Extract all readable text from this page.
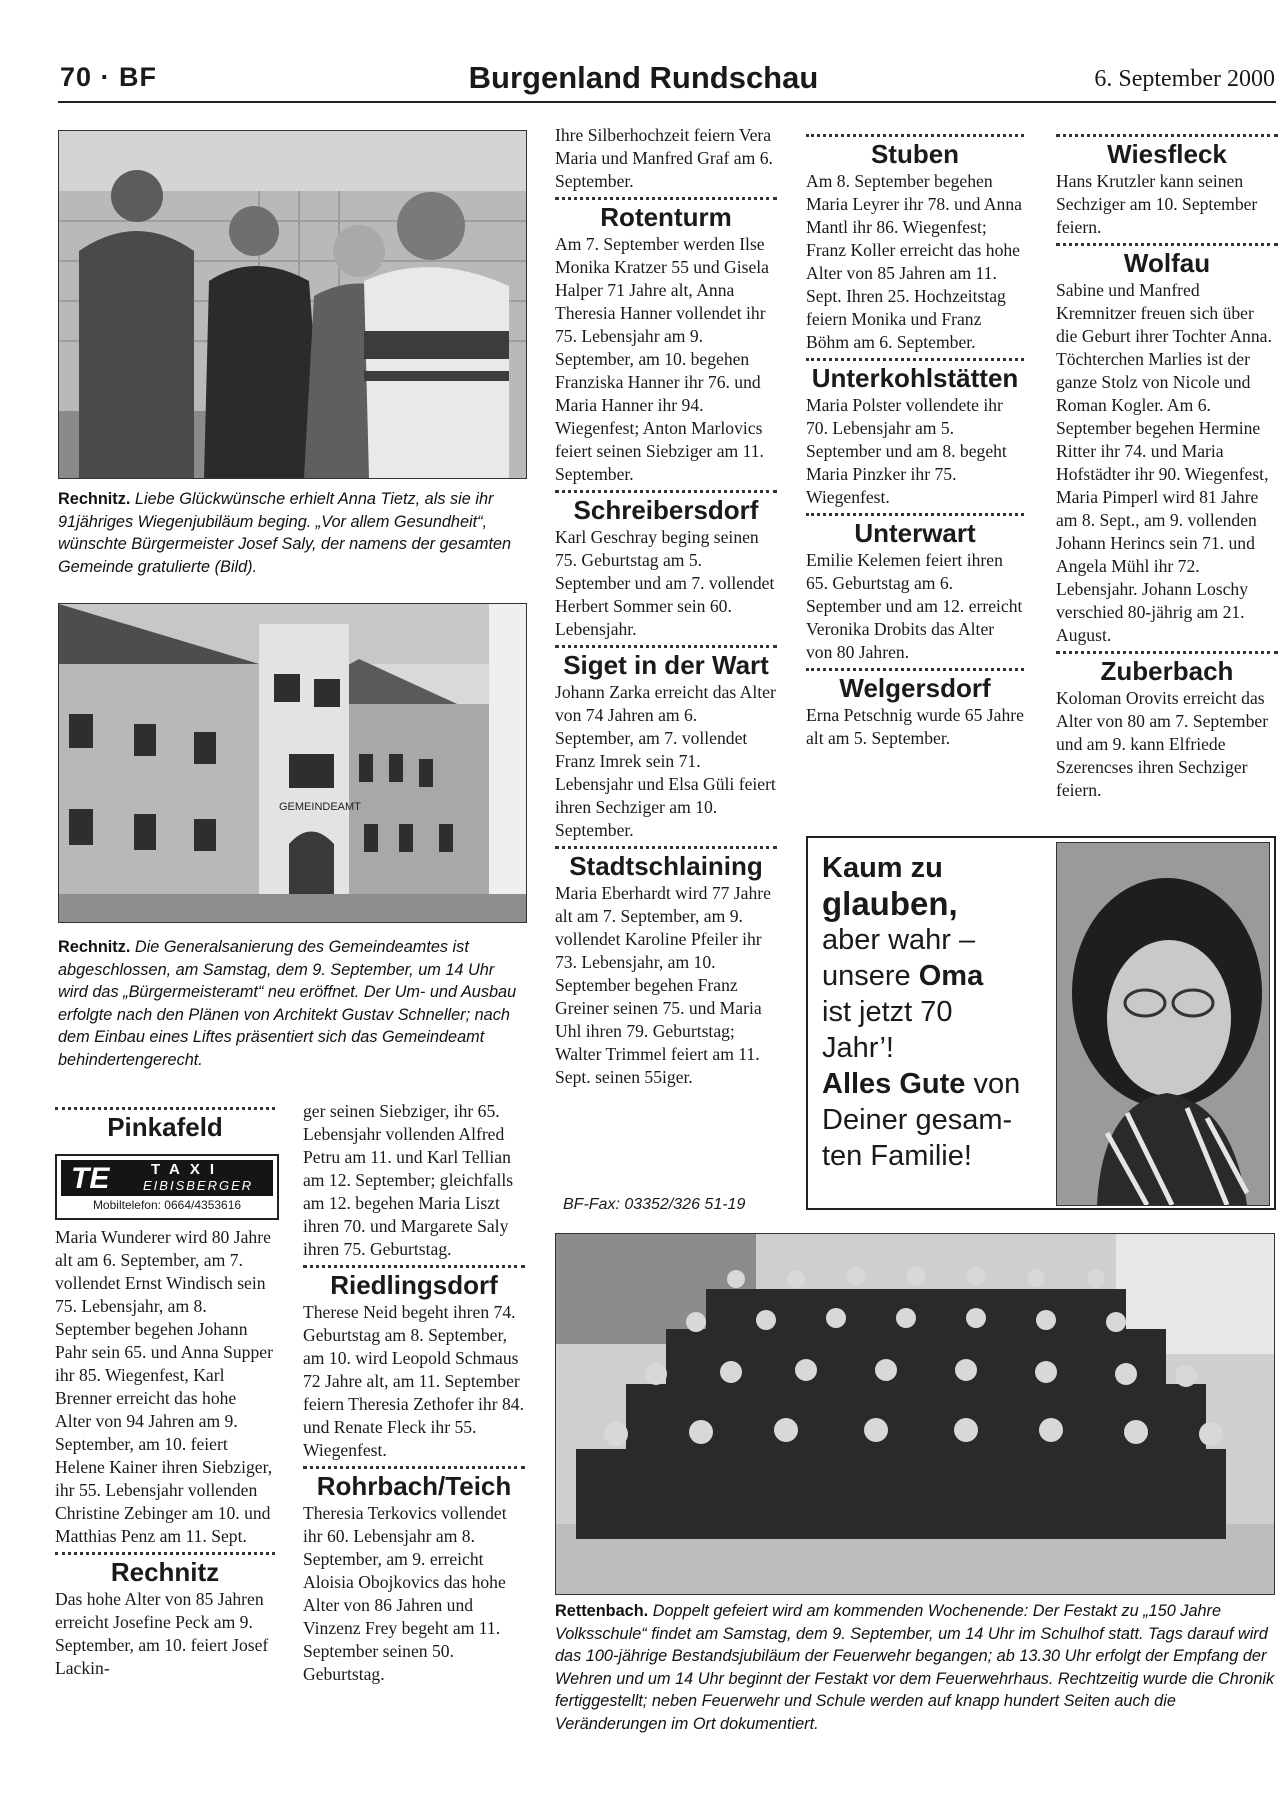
70 · BF	Burgenland Rundschau	6. September 2000
Rechnitz. Liebe Glückwünsche erhielt Anna Tietz, als sie ihr 91jähriges Wiegenjubiläum beging. „Vor allem Gesundheit“, wünschte Bürgermeister Josef Saly, der namens der gesamten Gemeinde gratulierte (Bild).
GEMEINDEAMT
Rechnitz. Die Generalsanierung des Gemeindeamtes ist abgeschlossen, am Samstag, dem 9. September, um 14 Uhr wird das „Bürgermeisteramt“ neu eröffnet. Der Um- und Ausbau erfolgte nach den Plänen von Architekt Gustav Schneller; nach dem Einbau eines Liftes präsentiert sich das Gemeindeamt behindertengerecht.
Pinkafeld
TE	TAXI
EIBISBERGER
Mobiltelefon: 0664/4353616

Maria Wunderer wird 80 Jahre alt am 6. September, am 7. vollendet Ernst Windisch sein 75. Lebensjahr, am 8. September begehen Johann Pahr sein 65. und Anna Supper ihr 85. Wiegenfest, Karl Brenner erreicht das hohe Alter von 94 Jahren am 9. September, am 10. feiert Helene Kainer ihren Siebziger, ihr 55. Lebensjahr vollenden Christine Zebinger am 10. und Matthias Penz am 11. Sept.

Rechnitz

Das hohe Alter von 85 Jahren erreicht Josefine Peck am 9. September, am 10. feiert Josef Lackin-

ger seinen Siebziger, ihr 65. Lebensjahr vollenden Alfred Petru am 11. und Karl Tellian am 12. September; gleichfalls am 12. begehen Maria Liszt ihren 70. und Margarete Saly ihren 75. Geburtstag.

Riedlingsdorf

Therese Neid begeht ihren 74. Geburtstag am 8. September, am 10. wird Leopold Schmaus 72 Jahre alt, am 11. September feiern Theresia Zethofer ihr 84. und Renate Fleck ihr 55. Wiegenfest.

Rohrbach/Teich

Theresia Terkovics vollendet ihr 60. Lebensjahr am 8. September, am 9. erreicht Aloisia Obojkovics das hohe Alter von 86 Jahren und Vinzenz Frey begeht am 11. September seinen 50. Geburtstag.

Ihre Silberhochzeit feiern Vera Maria und Manfred Graf am 6. September.

Rotenturm

Am 7. September werden Ilse Monika Kratzer 55 und Gisela Halper 71 Jahre alt, Anna Theresia Hanner vollendet ihr 75. Lebensjahr am 9. September, am 10. begehen Franziska Hanner ihr 76. und Maria Hanner ihr 94. Wiegenfest; Anton Marlovics feiert seinen Siebziger am 11. September.

Schreibersdorf

Karl Geschray beging seinen 75. Geburtstag am 5. September und am 7. vollendet Herbert Sommer sein 60. Lebensjahr.

Siget in der Wart

Johann Zarka erreicht das Alter von 74 Jahren am 6. September, am 7. vollendet Franz Imrek sein 71. Lebensjahr und Elsa Güli feiert ihren Sechziger am 10. September.

Stadtschlaining

Maria Eberhardt wird 77 Jahre alt am 7. September, am 9. vollendet Karoline Pfeiler ihr 73. Lebensjahr, am 10. September begehen Franz Greiner seinen 75. und Maria Uhl ihren 79. Geburtstag; Walter Trimmel feiert am 11. Sept. seinen 55iger.

BF-Fax: 03352/326 51-19
Stuben

Am 8. September begehen Maria Leyrer ihr 78. und Anna Mantl ihr 86. Wiegenfest; Franz Koller erreicht das hohe Alter von 85 Jahren am 11. Sept. Ihren 25. Hochzeitstag feiern Monika und Franz Böhm am 6. September.

Unterkohlstätten

Maria Polster vollendete ihr 70. Lebensjahr am 5. September und am 8. begeht Maria Pinzker ihr 75. Wiegenfest.

Unterwart

Emilie Kelemen feiert ihren 65. Geburtstag am 6. September und am 12. erreicht Veronika Drobits das Alter von 80 Jahren.

Welgersdorf

Erna Petschnig wurde 65 Jahre alt am 5. September.

Wiesfleck

Hans Krutzler kann seinen Sechziger am 10. September feiern.

Wolfau

Sabine und Manfred Kremnitzer freuen sich über die Geburt ihrer Tochter Anna. Töchterchen Marlies ist der ganze Stolz von Nicole und Roman Kogler. Am 6. September begehen Hermine Ritter ihr 74. und Maria Hofstädter ihr 90. Wiegenfest, Maria Pimperl wird 81 Jahre am 8. Sept., am 9. vollenden Johann Herincs sein 71. und Angela Mühl ihr 72. Lebensjahr. Johann Loschy verschied 80-jährig am 21. August.

Zuberbach

Koloman Orovits erreicht das Alter von 80 am 7. September und am 9. kann Elfriede Szerencses ihren Sechziger feiern.

Kaum zu
glauben,
aber wahr –
unsere Oma
ist jetzt 70
Jahr’!
Alles Gute von
Deiner gesam-
ten Familie!
Rettenbach. Doppelt gefeiert wird am kommenden Wochenende: Der Festakt zu „150 Jahre Volksschule“ findet am Samstag, dem 9. September, um 14 Uhr im Schulhof statt. Tags darauf wird das 100-jährige Bestandsjubiläum der Feuerwehr begangen; ab 13.30 Uhr erfolgt der Empfang der Wehren und um 14 Uhr beginnt der Festakt vor dem Feuerwehrhaus. Rechtzeitig wurde die Chronik fertiggestellt; neben Feuerwehr und Schule werden auf knapp hundert Seiten auch die Veränderungen im Ort dokumentiert.
